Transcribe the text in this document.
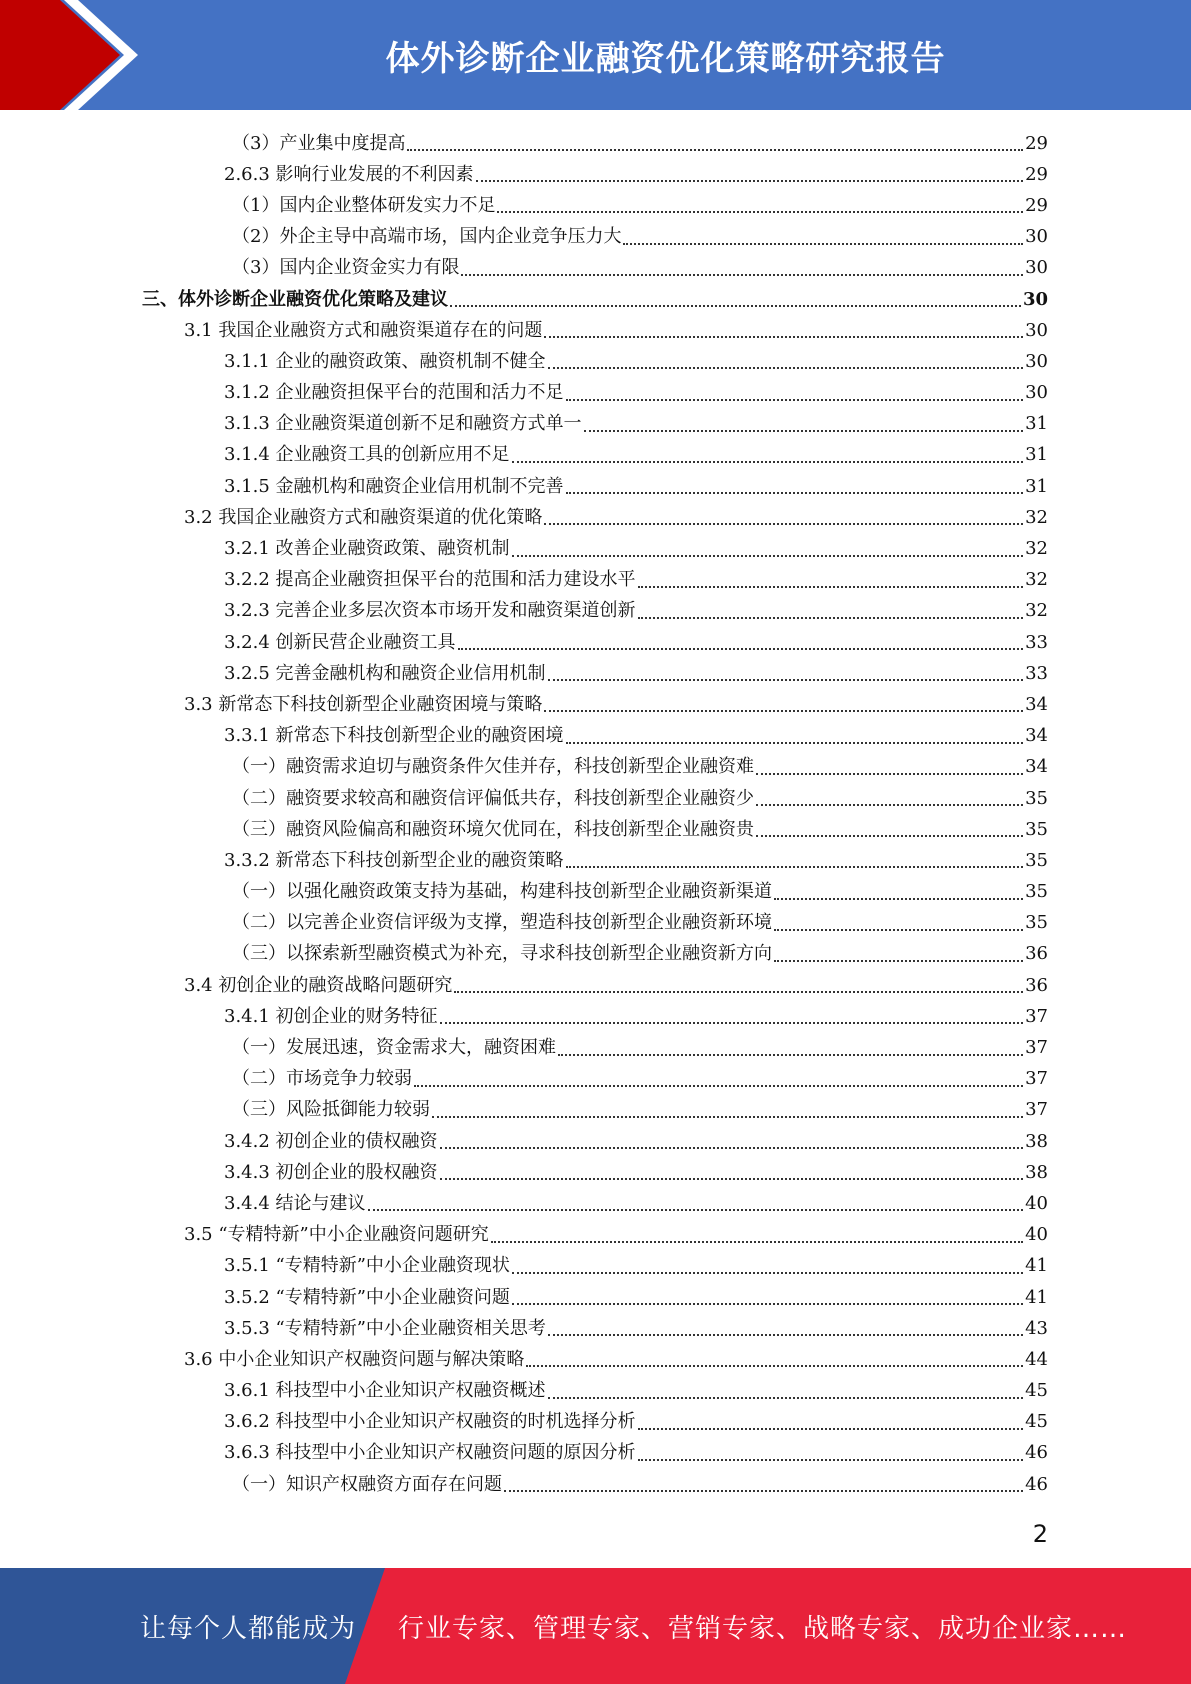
体外诊断企业融资优化策略研究报告
（3）产业集中度提高	29
2.6.3 影响行业发展的不利因素	29
（1）国内企业整体研发实力不足	29
（2）外企主导中高端市场，国内企业竞争压力大	30
（3）国内企业资金实力有限	30
三、体外诊断企业融资优化策略及建议	30
3.1 我国企业融资方式和融资渠道存在的问题	30
3.1.1 企业的融资政策、融资机制不健全	30
3.1.2 企业融资担保平台的范围和活力不足	30
3.1.3 企业融资渠道创新不足和融资方式单一	31
3.1.4 企业融资工具的创新应用不足	31
3.1.5 金融机构和融资企业信用机制不完善	31
3.2 我国企业融资方式和融资渠道的优化策略	32
3.2.1 改善企业融资政策、融资机制	32
3.2.2 提高企业融资担保平台的范围和活力建设水平	32
3.2.3 完善企业多层次资本市场开发和融资渠道创新	32
3.2.4 创新民营企业融资工具	33
3.2.5 完善金融机构和融资企业信用机制	33
3.3 新常态下科技创新型企业融资困境与策略	34
3.3.1 新常态下科技创新型企业的融资困境	34
（一）融资需求迫切与融资条件欠佳并存，科技创新型企业融资难	34
（二）融资要求较高和融资信评偏低共存，科技创新型企业融资少	35
（三）融资风险偏高和融资环境欠优同在，科技创新型企业融资贵	35
3.3.2 新常态下科技创新型企业的融资策略	35
（一）以强化融资政策支持为基础，构建科技创新型企业融资新渠道	35
（二）以完善企业资信评级为支撑，塑造科技创新型企业融资新环境	35
（三）以探索新型融资模式为补充，寻求科技创新型企业融资新方向	36
3.4 初创企业的融资战略问题研究	36
3.4.1 初创企业的财务特征	37
（一）发展迅速，资金需求大，融资困难	37
（二）市场竞争力较弱	37
（三）风险抵御能力较弱	37
3.4.2 初创企业的债权融资	38
3.4.3 初创企业的股权融资	38
3.4.4 结论与建议	40
3.5 “专精特新”中小企业融资问题研究	40
3.5.1 “专精特新”中小企业融资现状	41
3.5.2 “专精特新”中小企业融资问题	41
3.5.3 “专精特新”中小企业融资相关思考	43
3.6 中小企业知识产权融资问题与解决策略	44
3.6.1 科技型中小企业知识产权融资概述	45
3.6.2 科技型中小企业知识产权融资的时机选择分析	45
3.6.3 科技型中小企业知识产权融资问题的原因分析	46
（一）知识产权融资方面存在问题	46
2
让每个人都能成为 行业专家、管理专家、营销专家、战略专家、成功企业家……
